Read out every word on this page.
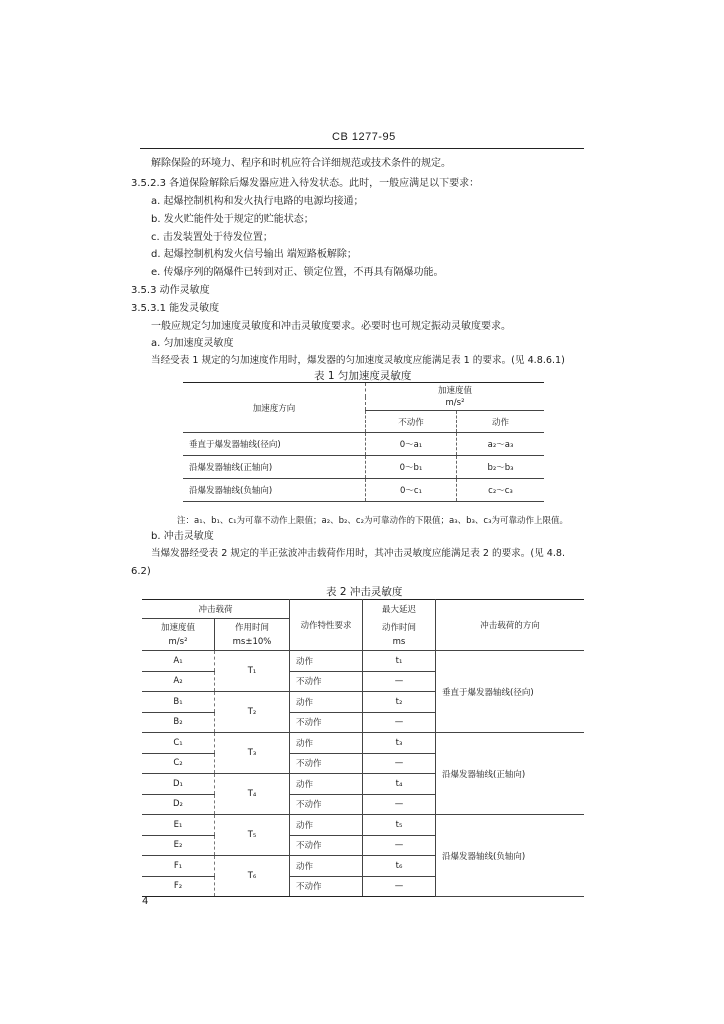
CB 1277-95
解除保险的环境力、程序和时机应符合详细规范或技术条件的规定。
3.5.2.3 各道保险解除后爆发器应进入待发状态。此时，一般应满足以下要求：
a. 起爆控制机构和发火执行电路的电源均接通；
b. 发火贮能件处于规定的贮能状态；
c. 击发装置处于待发位置；
d. 起爆控制机构发火信号输出 端短路板解除；
e. 传爆序列的隔爆件已转到对正、锁定位置，不再具有隔爆功能。
3.5.3 动作灵敏度
3.5.3.1 能发灵敏度
一般应规定匀加速度灵敏度和冲击灵敏度要求。必要时也可规定振动灵敏度要求。
a. 匀加速度灵敏度
当经受表 1 规定的匀加速度作用时，爆发器的匀加速度灵敏度应能满足表 1 的要求。(见 4.8.6.1)
表 1 匀加速度灵敏度
加速度方向	加速度值	
	m/s²	
	不动作	动作
垂直于爆发器轴线(径向)	0～a₁	a₂～a₃
沿爆发器轴线(正轴向)	0～b₁	b₂～b₃
沿爆发器轴线(负轴向)	0～c₁	c₂～c₃
注：a₁、b₁、c₁为可靠不动作上限值；a₂、b₂、c₂为可靠动作的下限值；a₃、b₃、c₃为可靠动作上限值。
b. 冲击灵敏度
当爆发器经受表 2 规定的半正弦波冲击载荷作用时，其冲击灵敏度应能满足表 2 的要求。(见 4.8.
6.2)
表 2 冲击灵敏度
冲击载荷		动作特性要求	最大延迟	冲击载荷的方向
加速度值	作用时间		动作时间	
m/s²	ms±10%		ms	
A₁	T₁	动作	t₁	垂直于爆发器轴线(径向)
A₂		不动作	—	
B₁	T₂	动作	t₂	
B₂		不动作	—	
C₁	T₃	动作	t₃	沿爆发器轴线(正轴向)
C₂		不动作	—	
D₁	T₄	动作	t₄	
D₂		不动作	—	
E₁	T₅	动作	t₅	沿爆发器轴线(负轴向)
E₂		不动作	—	
F₁	T₆	动作	t₆	
F₂		不动作	—	
4
